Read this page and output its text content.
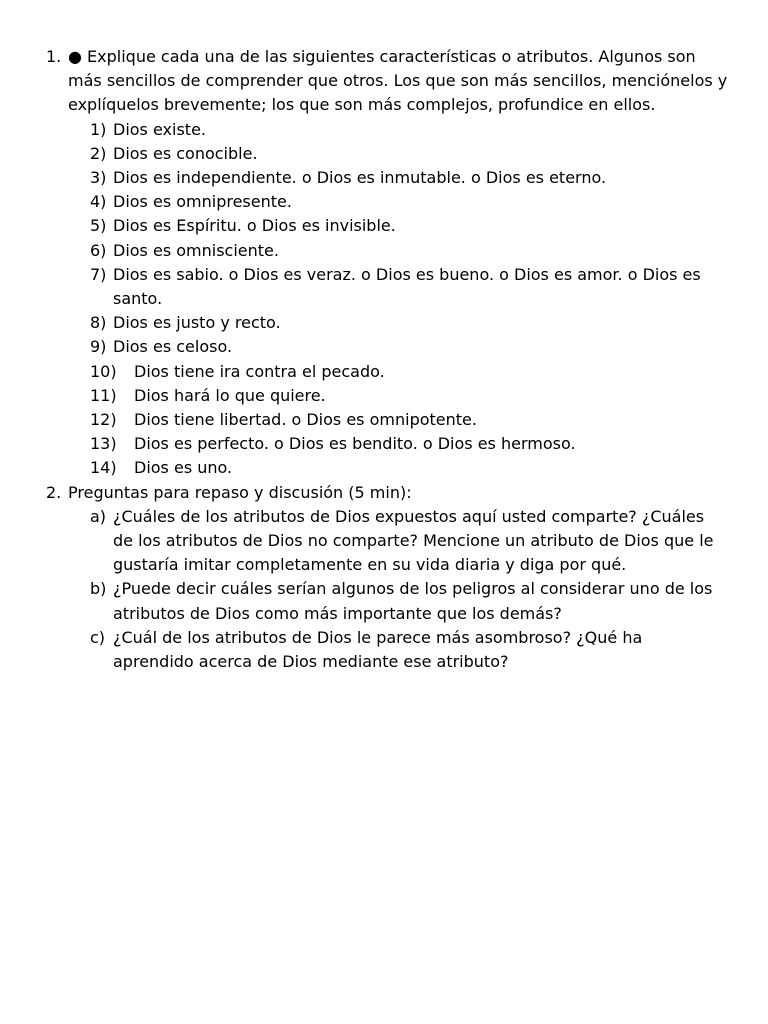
1. ● Explique cada una de las siguientes características o atributos. Algunos son más sencillos de comprender que otros. Los que son más sencillos, menciónelos y explíquelos brevemente; los que son más complejos, profundice en ellos.
1) Dios existe.
2) Dios es conocible.
3) Dios es independiente. o Dios es inmutable. o Dios es eterno.
4) Dios es omnipresente.
5) Dios es Espíritu. o Dios es invisible.
6) Dios es omnisciente.
7) Dios es sabio. o Dios es veraz. o Dios es bueno. o Dios es amor. o Dios es santo.
8) Dios es justo y recto.
9) Dios es celoso.
10) Dios tiene ira contra el pecado.
11) Dios hará lo que quiere.
12) Dios tiene libertad. o Dios es omnipotente.
13) Dios es perfecto. o Dios es bendito. o Dios es hermoso.
14) Dios es uno.
2. Preguntas para repaso y discusión (5 min):
a) ¿Cuáles de los atributos de Dios expuestos aquí usted comparte? ¿Cuáles de los atributos de Dios no comparte? Mencione un atributo de Dios que le gustaría imitar completamente en su vida diaria y diga por qué.
b) ¿Puede decir cuáles serían algunos de los peligros al considerar uno de los atributos de Dios como más importante que los demás?
c) ¿Cuál de los atributos de Dios le parece más asombroso? ¿Qué ha aprendido acerca de Dios mediante ese atributo?
